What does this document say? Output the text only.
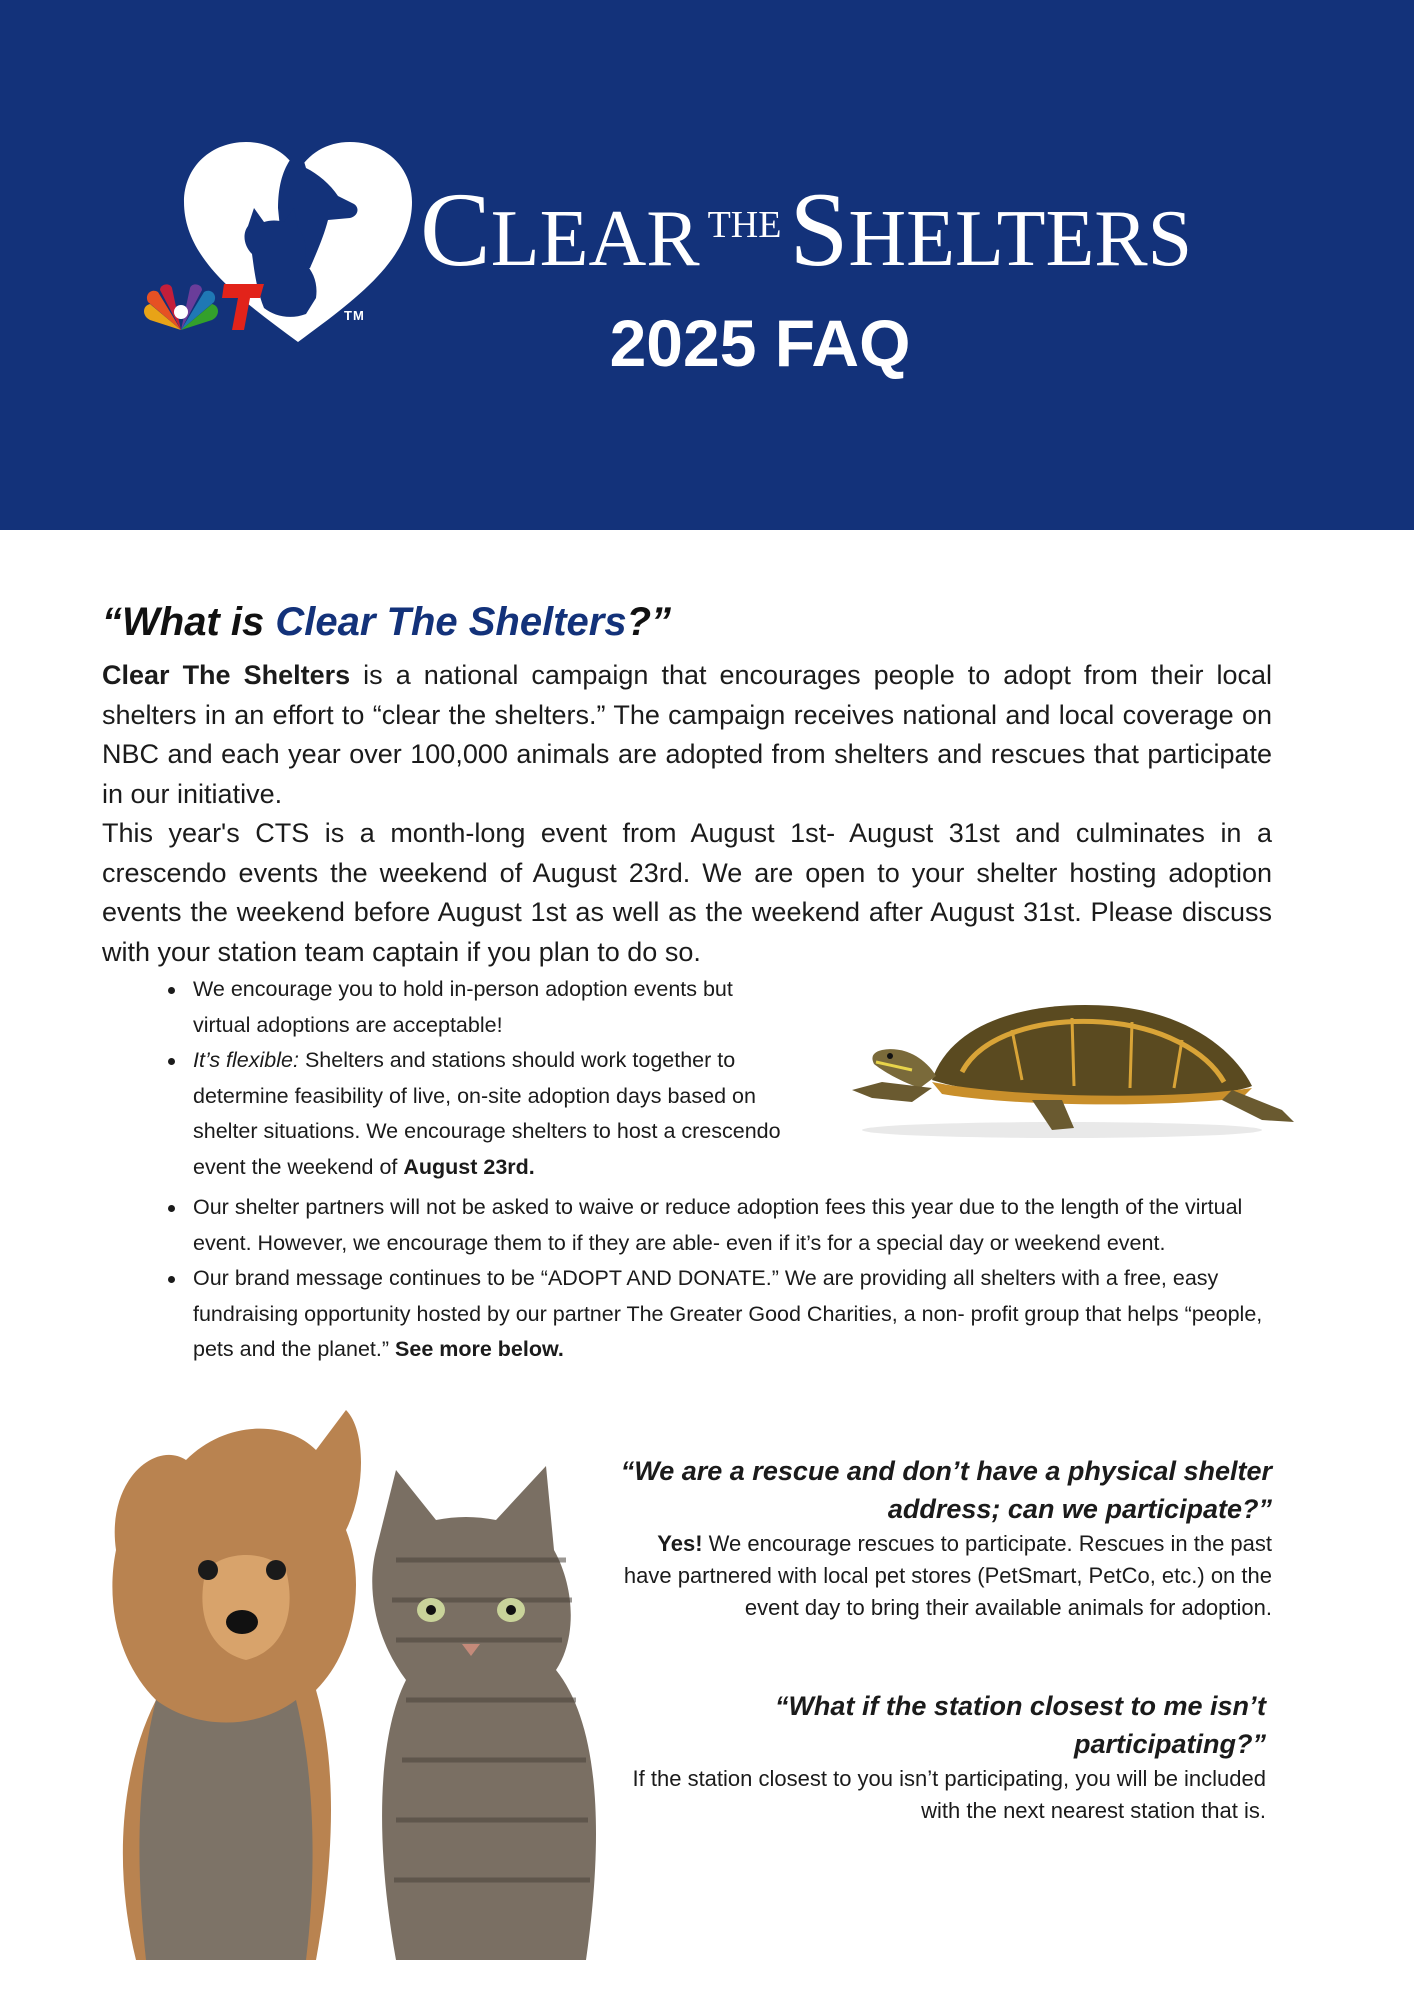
TM
CLEAR THESHELTERS
2025 FAQ
“What is Clear The Shelters?”

Clear The Shelters is a national campaign that encourages people to adopt from their local shelters in an effort to “clear the shelters.” The campaign receives national and local coverage on NBC and each year over 100,000 animals are adopted from shelters and rescues that participate in our initiative.

This year's CTS is a month-long event from August 1st- August 31st and culminates in a crescendo events the weekend of August 23rd. We are open to your shelter hosting adoption events the weekend before August 1st as well as the weekend after August 31st. Please discuss with your station team captain if you plan to do so.

We encourage you to hold in-person adoption events but virtual adoptions are acceptable!
It’s flexible: Shelters and stations should work together to determine feasibility of live, on-site adoption days based on shelter situations. We encourage shelters to host a crescendo event the weekend of August 23rd.
Our shelter partners will not be asked to waive or reduce adoption fees this year due to the length of the virtual event. However, we encourage them to if they are able- even if it’s for a special day or weekend event.
Our brand message continues to be “ADOPT AND DONATE.” We are providing all shelters with a free, easy fundraising opportunity hosted by our partner The Greater Good Charities, a non- profit group that helps “people, pets and the planet.” See more below.

“We are a rescue and don’t have a physical shelter address; can we participate?”

Yes! We encourage rescues to participate. Rescues in the past have partnered with local pet stores (PetSmart, PetCo, etc.) on the event day to bring their available animals for adoption.

“What if the station closest to me isn’t participating?”

If the station closest to you isn’t participating, you will be included with the next nearest station that is.
